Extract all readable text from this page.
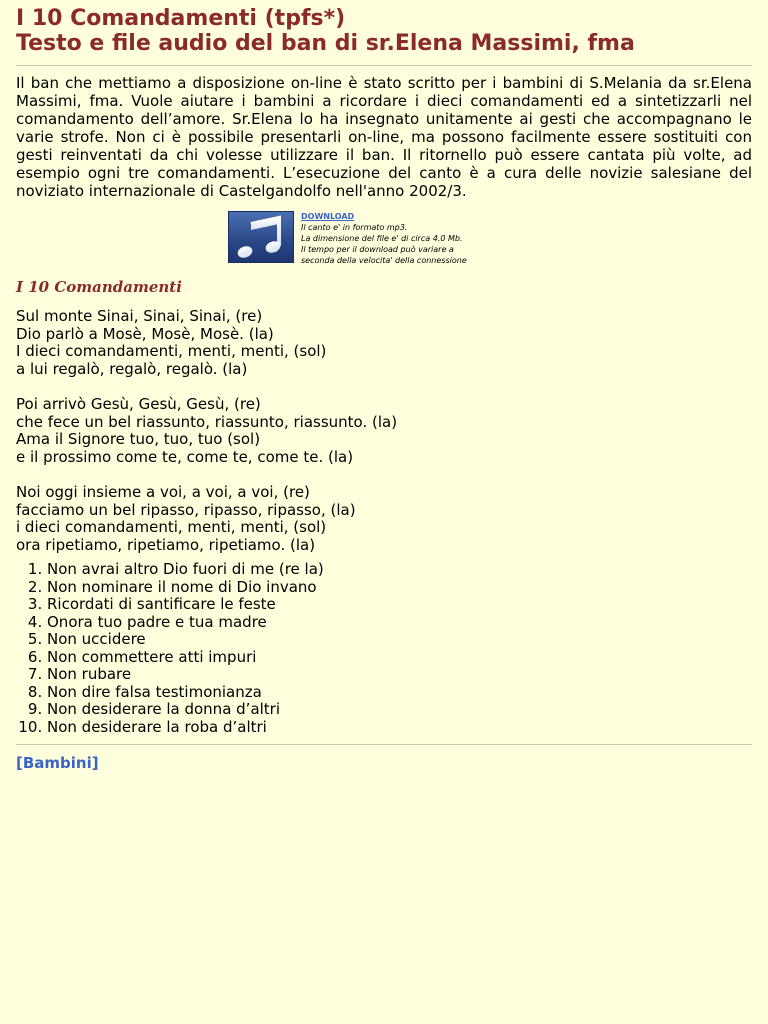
I 10 Comandamenti (tpfs*)
Testo e file audio del ban di sr.Elena Massimi, fma

Il ban che mettiamo a disposizione on-line è stato scritto per i bambini di S.Melania da sr.Elena Massimi, fma. Vuole aiutare i bambini a ricordare i dieci comandamenti ed a sintetizzarli nel comandamento dell’amore. Sr.Elena lo ha insegnato unitamente ai gesti che accompagnano le varie strofe. Non ci è possibile presentarli on-line, ma possono facilmente essere sostituiti con gesti reinventati da chi volesse utilizzare il ban. Il ritornello può essere cantata più volte, ad esempio ogni tre comandamenti. L’esecuzione del canto è a cura delle novizie salesiane del noviziato internazionale di Castelgandolfo nell'anno 2002/3.

DOWNLOAD
Il canto e' in formato mp3.
La dimensione del file e' di circa 4.0 Mb.
Il tempo per il download può variare a
seconda della velocita' della connessione
I 10 Comandamenti
Sul monte Sinai, Sinai, Sinai, (re)
Dio parlò a Mosè, Mosè, Mosè. (la)
I dieci comandamenti, menti, menti, (sol)
a lui regalò, regalò, regalò. (la)
Poi arrivò Gesù, Gesù, Gesù, (re)
che fece un bel riassunto, riassunto, riassunto. (la)
Ama il Signore tuo, tuo, tuo (sol)
e il prossimo come te, come te, come te. (la)
Noi oggi insieme a voi, a voi, a voi, (re)
facciamo un bel ripasso, ripasso, ripasso, (la)
i dieci comandamenti, menti, menti, (sol)
ora ripetiamo, ripetiamo, ripetiamo. (la)
1. Non avrai altro Dio fuori di me (re la)
2. Non nominare il nome di Dio invano
3. Ricordati di santificare le feste
4. Onora tuo padre e tua madre
5. Non uccidere
6. Non commettere atti impuri
7. Non rubare
8. Non dire falsa testimonianza
9. Non desiderare la donna d’altri
10. Non desiderare la roba d’altri
[Bambini]
